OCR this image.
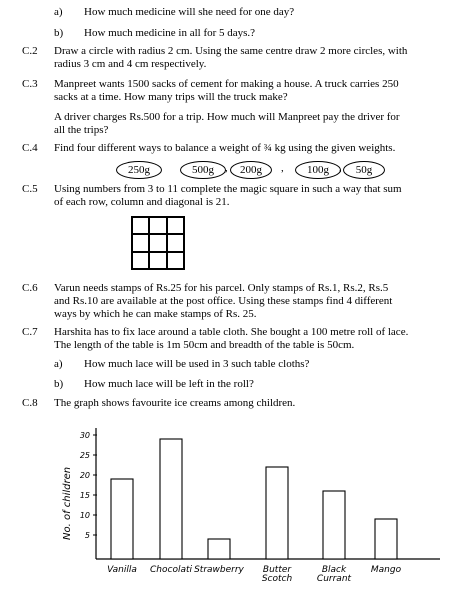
a) How much medicine will she need for one day?
b) How much medicine in all for 5 days.?
C.2 Draw a circle with radius 2 cm. Using the same centre draw 2 more circles, with
radius 3 cm and 4 cm respectively.
C.3 Manpreet wants 1500 sacks of cement for making a house. A truck carries 250
sacks at a time. How many trips will the truck make?
A driver charges Rs.500 for a trip. How much will Manpreet pay the driver for
all the trips?
C.4 Find four different ways to balance a weight of ¾ kg using the given weights.
250g	500g	,	200g	,	100g ,	50g
C.5 Using numbers from 3 to 11 complete the magic square in such a way that sum
of each row, column and diagonal is 21.
C.6 Varun needs stamps of Rs.25 for his parcel. Only stamps of Rs.1, Rs.2, Rs.5
and Rs.10 are available at the post office. Using these stamps find 4 different
ways by which he can make stamps of Rs. 25.
C.7 Harshita has to fix lace around a table cloth. She bought a 100 metre roll of lace.
The length of the table is 1m 50cm and breadth of the table is 50cm.
a) How much lace will be used in 3 such table cloths?
b) How much lace will be left in the roll?
C.8 The graph shows favourite ice creams among children.
5
10
15
20
25
30
No. of children
Vanilla Chocolati Strawberry Butter
Scotch
Black
Currant
Mango
